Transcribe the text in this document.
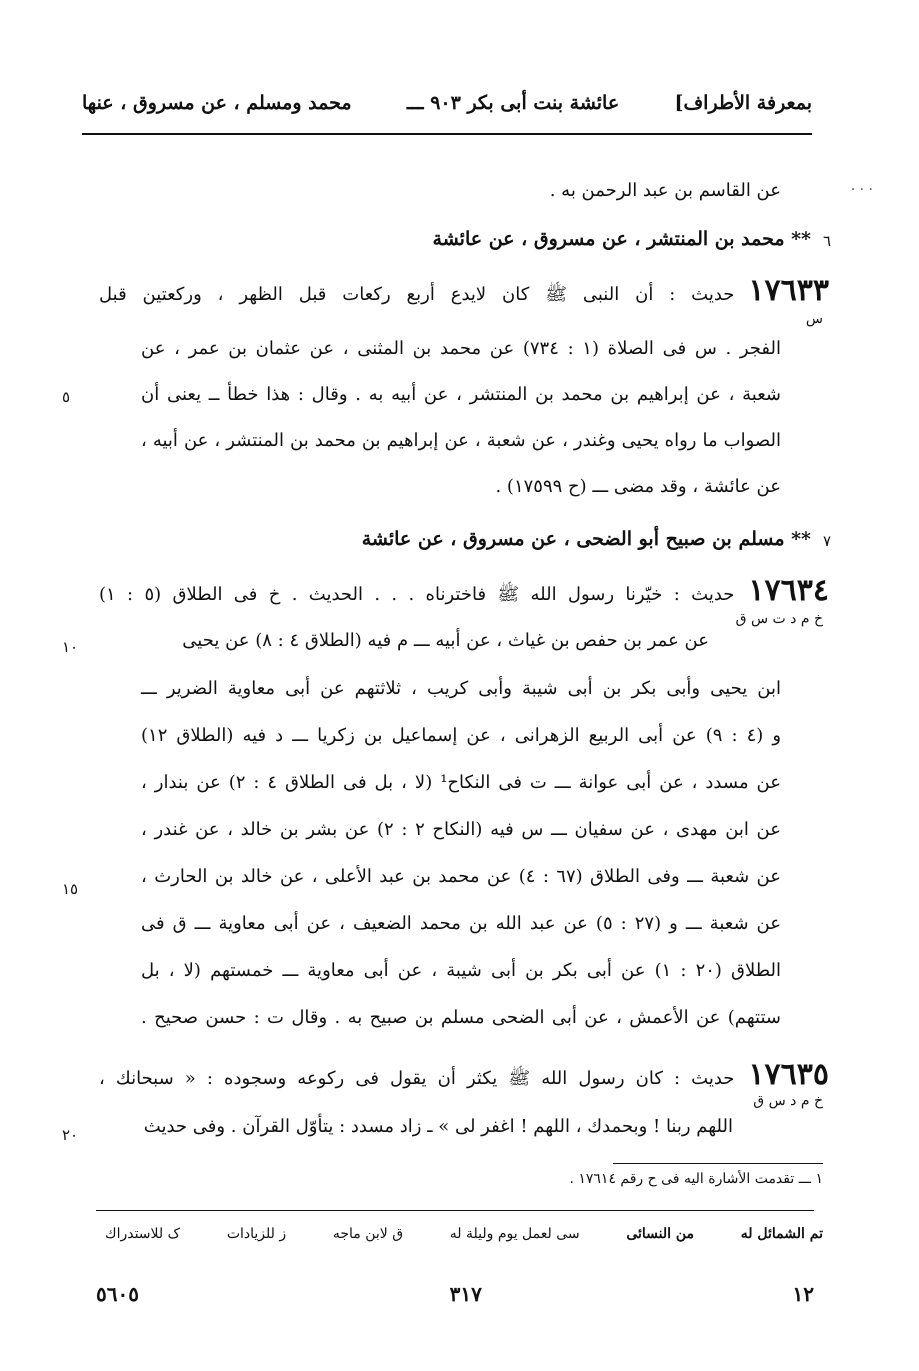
بمعرفة الأطراف]
عائشة بنت أبى بكر ٩٠٣ ـــ
محمد ومسلم ، عن مسروق ، عنها
. . .
عن القاسم بن عبد الرحمن به .
٦
** محمد بن المنتشر ، عن مسروق ، عن عائشة
١٧٦٣٣
حديث : أن النبى ﷺ كان لايدع أربع ركعات قبل الظهر ، وركعتين قبل
س
الفجر . س فى الصلاة (١ : ٧٣٤) عن محمد بن المثنى ، عن عثمان بن عمر ، عن
شعبة ، عن إبراهيم بن محمد بن المنتشر ، عن أبيه به . وقال : هذا خطأ ــ يعنى أن
٥
الصواب ما رواه يحيى وغندر ، عن شعبة ، عن إبراهيم بن محمد بن المنتشر ، عن أبيه ،
عن عائشة ، وقد مضى ـــ (ح ١٧٥٩٩) .
٧
** مسلم بن صبيح أبو الضحى ، عن مسروق ، عن عائشة
١٧٦٣٤
حديث : خيّرنا رسول الله ﷺ فاخترناه . . . الحديث . خ فى الطلاق (٥ : ١)
خ م د ت س ق
عن عمر بن حفص بن غياث ، عن أبيه ـــ م فيه (الطلاق ٤ : ٨) عن يحيى
١٠
ابن يحيى وأبى بكر بن أبى شيبة وأبى كريب ، ثلاثتهم عن أبى معاوية الضرير ـــ
و (٤ : ٩) عن أبى الربيع الزهرانى ، عن إسماعيل بن زكريا ـــ د فيه (الطلاق ١٢)
عن مسدد ، عن أبى عوانة ـــ ت فى النكاح¹ (لا ، بل فى الطلاق ٤ : ٢) عن بندار ،
عن ابن مهدى ، عن سفيان ـــ س فيه (النكاح ٢ : ٢) عن بشر بن خالد ، عن غندر ،
عن شعبة ـــ وفى الطلاق (٦٧ : ٤) عن محمد بن عبد الأعلى ، عن خالد بن الحارث ،
١٥
عن شعبة ـــ و (٢٧ : ٥) عن عبد الله بن محمد الضعيف ، عن أبى معاوية ـــ ق فى
الطلاق (٢٠ : ١) عن أبى بكر بن أبى شيبة ، عن أبى معاوية ـــ خمستهم (لا ، بل
ستتهم) عن الأعمش ، عن أبى الضحى مسلم بن صبيح به . وقال ت : حسن صحيح .
١٧٦٣٥
حديث : كان رسول الله ﷺ يكثر أن يقول فى ركوعه وسجوده : « سبحانك ،
خ م د س ق
اللهم ربنا ! وبحمدك ، اللهم ! اغفر لى » ـ زاد مسدد : يتأوّل القرآن . وفى حديث
٢٠
١ ـــ تقدمت الأشارة اليه فى ح رقم ١٧٦١٤ .
تم الشمائل له
من النسائى
سى لعمل يوم وليلة له
ق لابن ماجه
ز للزيادات
ک للاستدراك
١٢
٣١٧
٥٦٠٥
